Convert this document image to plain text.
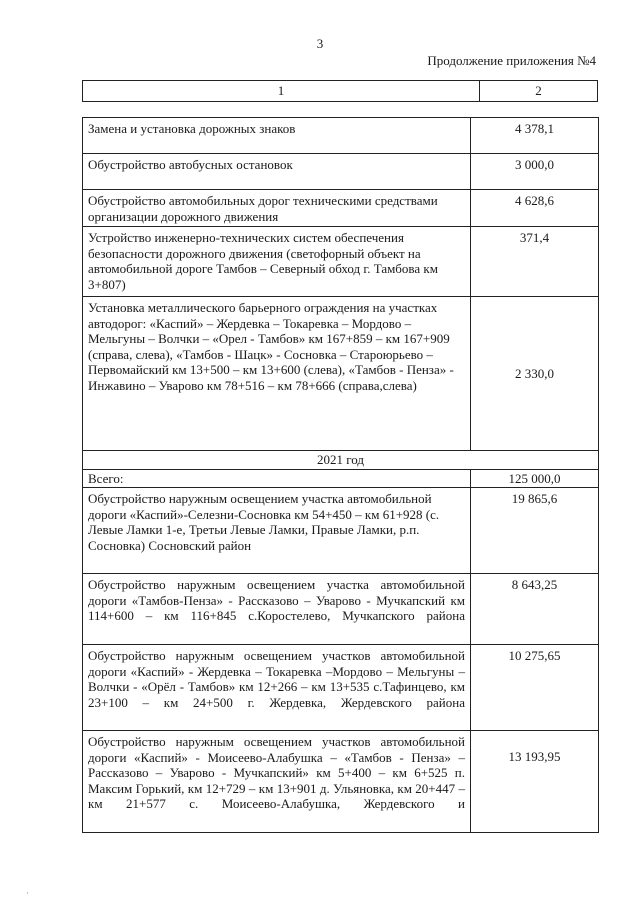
3
Продолжение приложения №4
1	2
Замена и установка дорожных знаков	4 378,1
Обустройство автобусных остановок	3 000,0
Обустройство автомобильных дорог техническими средствами организации дорожного движения	4 628,6
Устройство инженерно-технических систем обеспечения безопасности дорожного движения (светофорный объект на автомобильной дороге Тамбов – Северный обход г. Тамбова км 3+807)	371,4
Установка металлического барьерного ограждения на участках автодорог: «Каспий» – Жердевка – Токаревка – Мордово – Мельгуны – Волчки – «Орел - Тамбов» км 167+859 – км 167+909 (справа, слева), «Тамбов - Шацк» - Сосновка – Староюрьево – Первомайский км 13+500 – км 13+600 (слева), «Тамбов - Пенза» - Инжавино – Уварово км 78+516 – км 78+666 (справа,слева)	2 330,0
2021 год	
Всего:	125 000,0
Обустройство наружным освещением участка автомобильной дороги «Каспий»-Селезни-Сосновка км 54+450 – км 61+928 (с. Левые Ламки 1-е, Третьи Левые Ламки, Правые Ламки, р.п. Сосновка) Сосновский район	19 865,6
Обустройство наружным освещением участка автомобильной дороги «Тамбов-Пенза» - Рассказово – Уварово - Мучкапский км 114+600 – км 116+845 с.Коростелево, Мучкапского района	8 643,25
Обустройство наружным освещением участков автомобильной дороги «Каспий» - Жердевка – Токаревка –Мордово – Мельгуны – Волчки - «Орёл - Тамбов» км 12+266 – км 13+535 с.Тафинцево, км 23+100 – км 24+500 г. Жердевка, Жердевского района	10 275,65
Обустройство наружным освещением участков автомобильной дороги «Каспий» - Моисеево-Алабушка – «Тамбов - Пенза» – Рассказово – Уварово - Мучкапский» км 5+400 – км 6+525 п. Максим Горький, км 12+729 – км 13+901 д. Ульяновка, км 20+447 – км 21+577 с. Моисеево-Алабушка, Жердевского и	13 193,95
·
